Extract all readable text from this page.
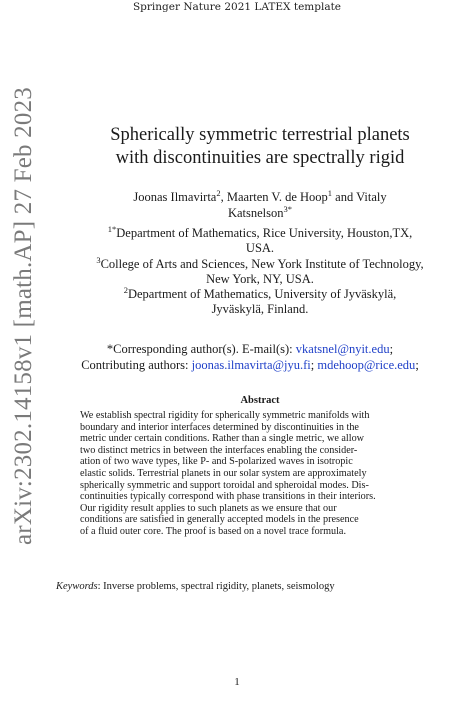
Springer Nature 2021 LATEX template
arXiv:2302.14158v1 [math.AP] 27 Feb 2023	Spherically symmetric terrestrial planets
with discontinuities are spectrally rigid
Joonas Ilmavirta$^2$, Maarten V. de Hoop$^1$ and Vitaly
Katsnelson$^{3*}$
$^{1*}$Department of Mathematics, Rice University, Houston,TX,
USA.
$^3$College of Arts and Sciences, New York Institute of Technology,
New York, NY, USA.
$^2$Department of Mathematics, University of Jyväskylä,
Jyväskylä, Finland.
*Corresponding author(s). E-mail(s): vkatsnel@nyit.edu;
Contributing authors: joonas.ilmavirta@jyu.fi; mdehoop@rice.edu;
Abstract
We establish spectral rigidity for spherically symmetric manifolds with
boundary and interior interfaces determined by discontinuities in the
metric under certain conditions. Rather than a single metric, we allow
two distinct metrics in between the interfaces enabling the consider-
ation of two wave types, like P- and S-polarized waves in isotropic
elastic solids. Terrestrial planets in our solar system are approximately
spherically symmetric and support toroidal and spheroidal modes. Dis-
continuities typically correspond with phase transitions in their interiors.
Our rigidity result applies to such planets as we ensure that our
conditions are satisfied in generally accepted models in the presence
of a fluid outer core. The proof is based on a novel trace formula.
Keywords: Inverse problems, spectral rigidity, planets, seismology
1
